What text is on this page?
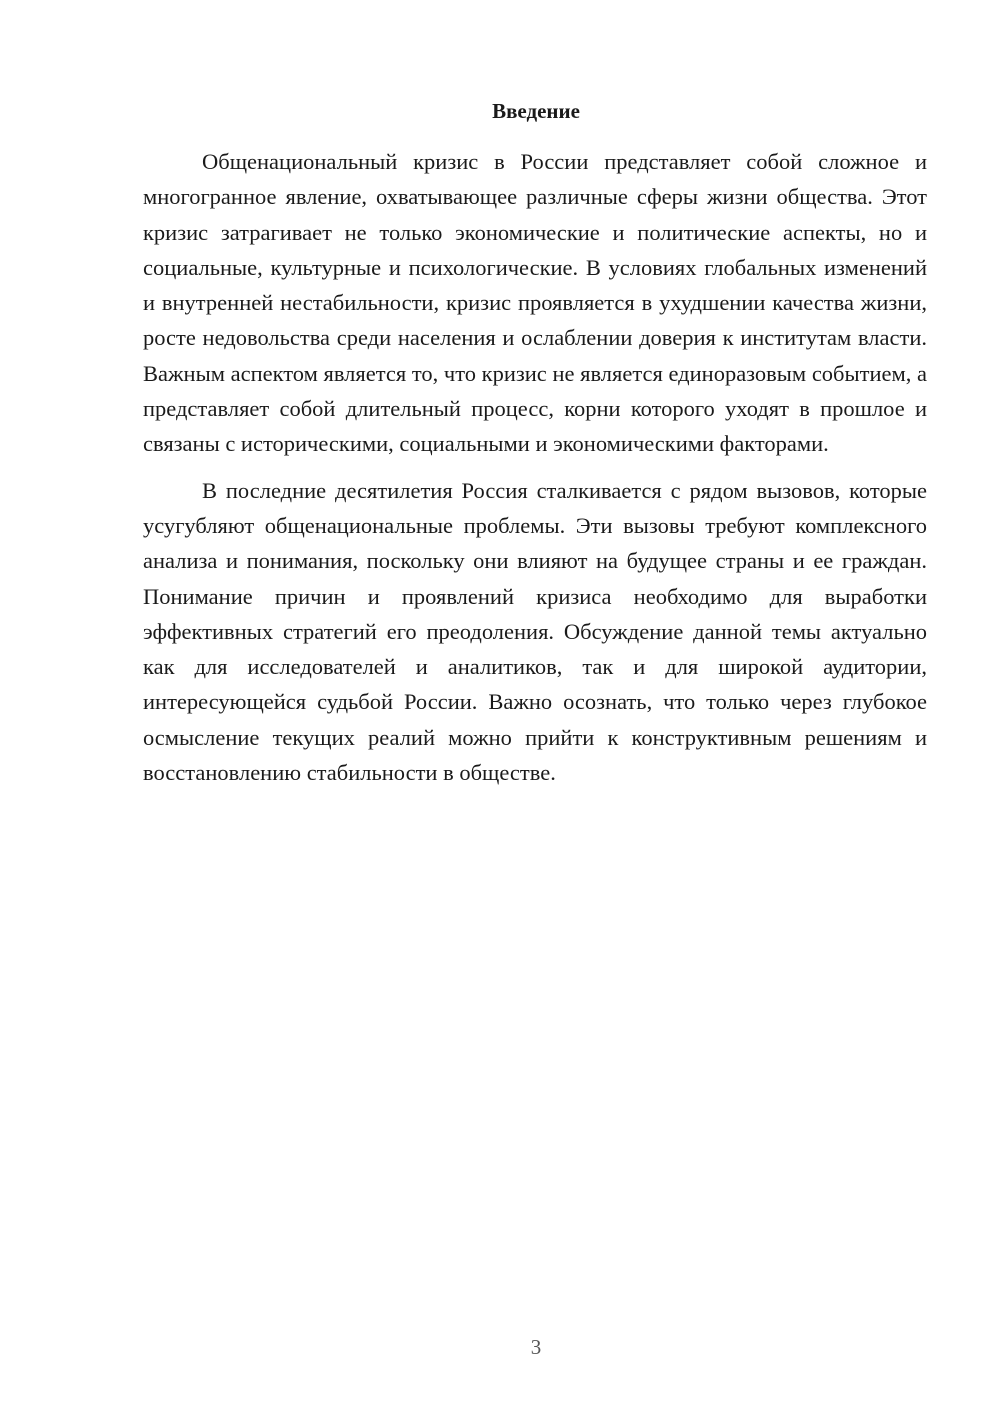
Введение

Общенациональный кризис в России представляет собой сложное и многогранное явление, охватывающее различные сферы жизни общества. Этот кризис затрагивает не только экономические и политические аспекты, но и социальные, культурные и психологические. В условиях глобальных изменений и внутренней нестабильности, кризис проявляется в ухудшении качества жизни, росте недовольства среди населения и ослаблении доверия к институтам власти. Важным аспектом является то, что кризис не является единоразовым событием, а представляет собой длительный процесс, корни которого уходят в прошлое и связаны с историческими, социальными и экономическими факторами.

В последние десятилетия Россия сталкивается с рядом вызовов, которые усугубляют общенациональные проблемы. Эти вызовы требуют комплексного анализа и понимания, поскольку они влияют на будущее страны и ее граждан. Понимание причин и проявлений кризиса необходимо для выработки эффективных стратегий его преодоления. Обсуждение данной темы актуально как для исследователей и аналитиков, так и для широкой аудитории, интересующейся судьбой России. Важно осознать, что только через глубокое осмысление текущих реалий можно прийти к конструктивным решениям и восстановлению стабильности в обществе.

3
